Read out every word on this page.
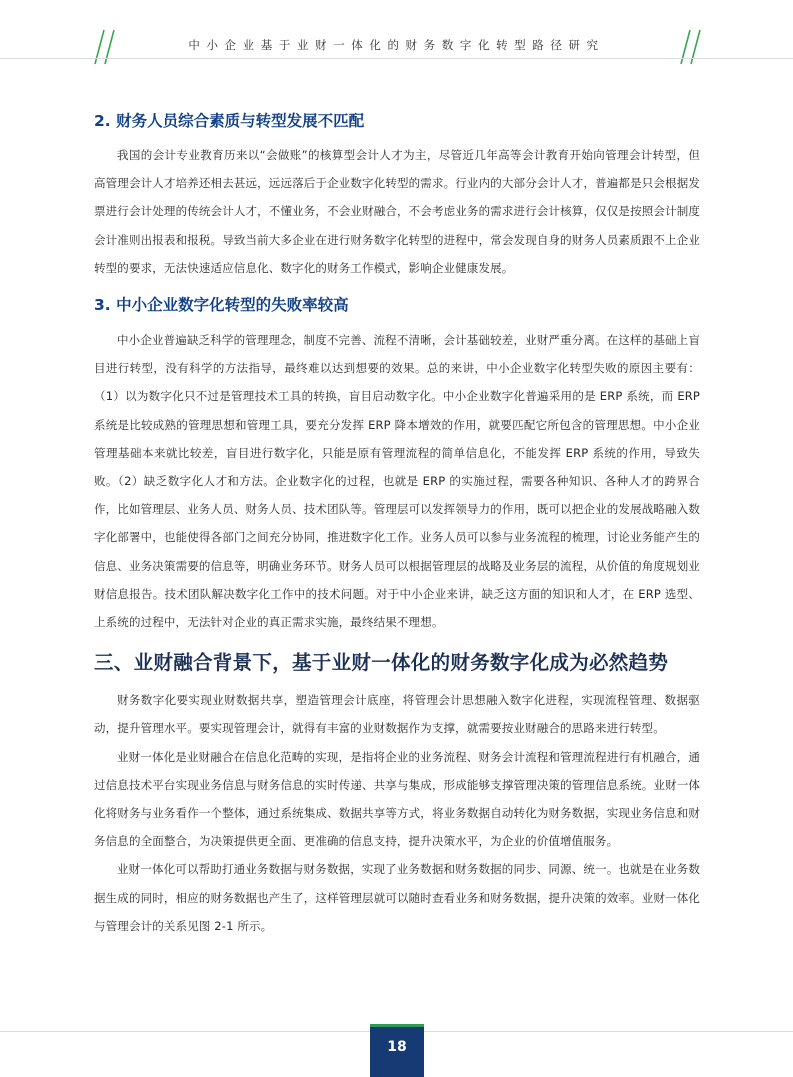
中小企业基于业财一体化的财务数字化转型路径研究
2. 财务人员综合素质与转型发展不匹配

我国的会计专业教育历来以“会做账”的核算型会计人才为主，尽管近几年高等会计教育开始向管理会计转型，但高管理会计人才培养还相去甚远，远远落后于企业数字化转型的需求。行业内的大部分会计人才，普遍都是只会根据发票进行会计处理的传统会计人才，不懂业务，不会业财融合，不会考虑业务的需求进行会计核算，仅仅是按照会计制度会计准则出报表和报税。导致当前大多企业在进行财务数字化转型的进程中，常会发现自身的财务人员素质跟不上企业转型的要求，无法快速适应信息化、数字化的财务工作模式，影响企业健康发展。

3. 中小企业数字化转型的失败率较高

中小企业普遍缺乏科学的管理理念，制度不完善、流程不清晰，会计基础较差，业财严重分离。在这样的基础上盲目进行转型，没有科学的方法指导，最终难以达到想要的效果。总的来讲，中小企业数字化转型失败的原因主要有：（1）以为数字化只不过是管理技术工具的转换，盲目启动数字化。中小企业数字化普遍采用的是 ERP 系统，而 ERP 系统是比较成熟的管理思想和管理工具，要充分发挥 ERP 降本增效的作用，就要匹配它所包含的管理思想。中小企业管理基础本来就比较差，盲目进行数字化，只能是原有管理流程的简单信息化，不能发挥 ERP 系统的作用，导致失败。（2）缺乏数字化人才和方法。企业数字化的过程，也就是 ERP 的实施过程，需要各种知识、各种人才的跨界合作，比如管理层、业务人员、财务人员、技术团队等。管理层可以发挥领导力的作用，既可以把企业的发展战略融入数字化部署中，也能使得各部门之间充分协同，推进数字化工作。业务人员可以参与业务流程的梳理，讨论业务能产生的信息、业务决策需要的信息等，明确业务环节。财务人员可以根据管理层的战略及业务层的流程，从价值的角度规划业财信息报告。技术团队解决数字化工作中的技术问题。对于中小企业来讲，缺乏这方面的知识和人才，在 ERP 选型、上系统的过程中，无法针对企业的真正需求实施，最终结果不理想。

三、业财融合背景下，基于业财一体化的财务数字化成为必然趋势

财务数字化要实现业财数据共享，塑造管理会计底座，将管理会计思想融入数字化进程，实现流程管理、数据驱动，提升管理水平。要实现管理会计，就得有丰富的业财数据作为支撑，就需要按业财融合的思路来进行转型。

业财一体化是业财融合在信息化范畴的实现，是指将企业的业务流程、财务会计流程和管理流程进行有机融合，通过信息技术平台实现业务信息与财务信息的实时传递、共享与集成，形成能够支撑管理决策的管理信息系统。业财一体化将财务与业务看作一个整体，通过系统集成、数据共享等方式，将业务数据自动转化为财务数据，实现业务信息和财务信息的全面整合，为决策提供更全面、更准确的信息支持，提升决策水平，为企业的价值增值服务。

业财一体化可以帮助打通业务数据与财务数据，实现了业务数据和财务数据的同步、同源、统一。也就是在业务数据生成的同时，相应的财务数据也产生了，这样管理层就可以随时查看业务和财务数据，提升决策的效率。业财一体化与管理会计的关系见图 2-1 所示。

18
